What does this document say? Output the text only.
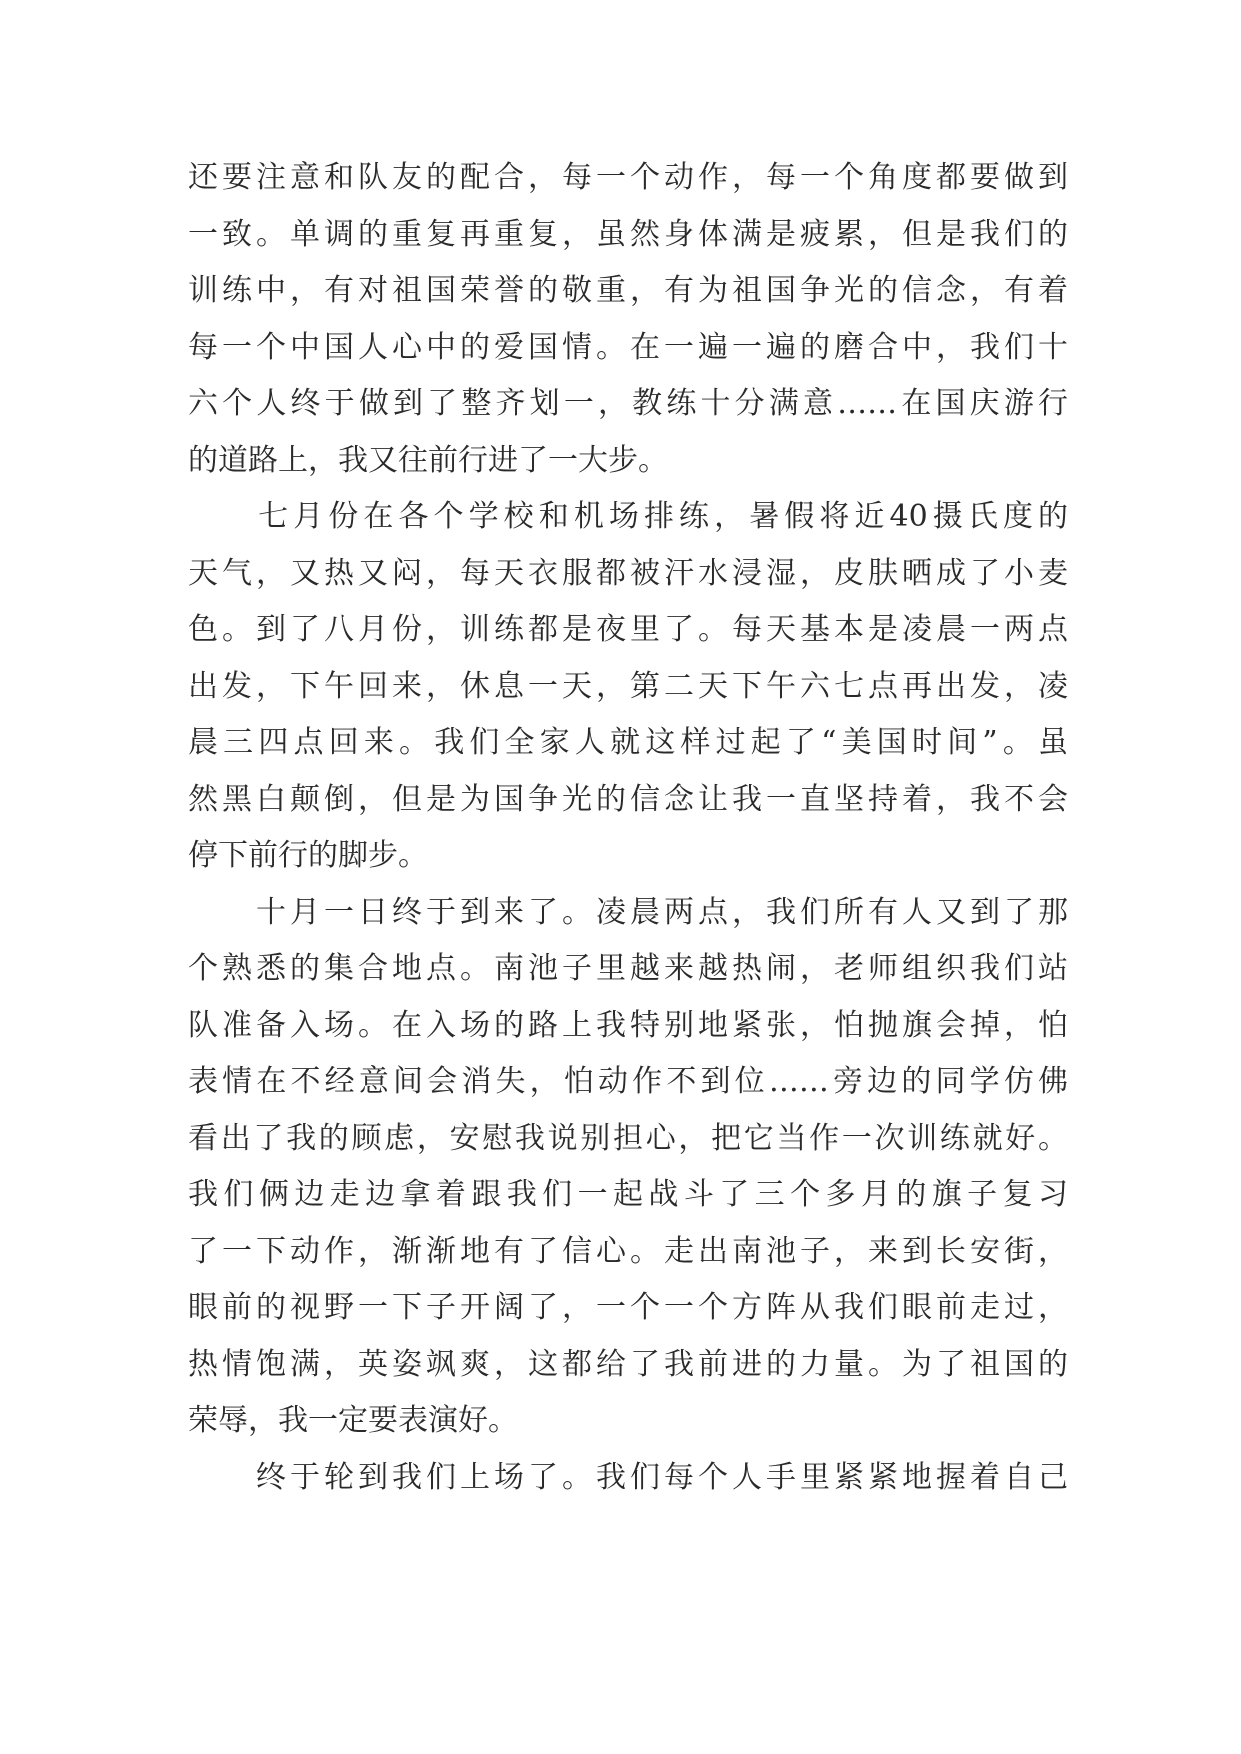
还要注意和队友的配合，每一个动作，每一个角度都要做到
一致。单调的重复再重复，虽然身体满是疲累，但是我们的
训练中，有对祖国荣誉的敬重，有为祖国争光的信念，有着
每一个中国人心中的爱国情。在一遍一遍的磨合中，我们十
六个人终于做到了整齐划一，教练十分满意……在国庆游行
的道路上，我又往前行进了一大步。
　　七月份在各个学校和机场排练，暑假将近40摄氏度的
天气，又热又闷，每天衣服都被汗水浸湿，皮肤晒成了小麦
色。到了八月份，训练都是夜里了。每天基本是凌晨一两点
出发，下午回来，休息一天，第二天下午六七点再出发，凌
晨三四点回来。我们全家人就这样过起了“美国时间”。虽
然黑白颠倒，但是为国争光的信念让我一直坚持着，我不会
停下前行的脚步。
　　十月一日终于到来了。凌晨两点，我们所有人又到了那
个熟悉的集合地点。南池子里越来越热闹，老师组织我们站
队准备入场。在入场的路上我特别地紧张，怕抛旗会掉，怕
表情在不经意间会消失，怕动作不到位……旁边的同学仿佛
看出了我的顾虑，安慰我说别担心，把它当作一次训练就好。
我们俩边走边拿着跟我们一起战斗了三个多月的旗子复习
了一下动作，渐渐地有了信心。走出南池子，来到长安街，
眼前的视野一下子开阔了，一个一个方阵从我们眼前走过，
热情饱满，英姿飒爽，这都给了我前进的力量。为了祖国的
荣辱，我一定要表演好。
　　终于轮到我们上场了。我们每个人手里紧紧地握着自己
